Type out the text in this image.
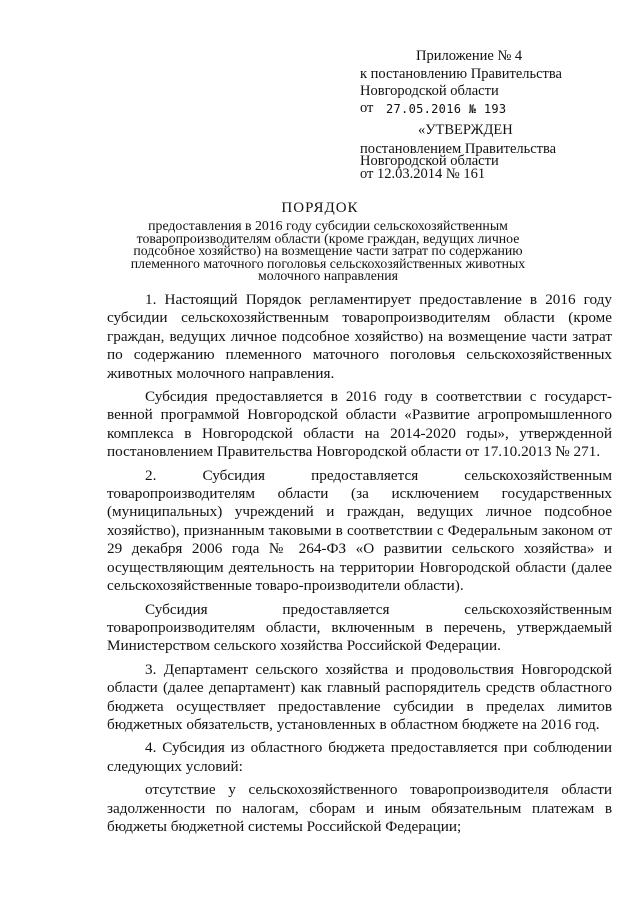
Приложение № 4
к постановлению Правительства
Новгородской области
от 27.05.2016 № 193
«УТВЕРЖДЕН
постановлением Правительства
Новгородской области
от 12.03.2014 № 161
ПОРЯДОК
предоставления в 2016 году субсидии сельскохозяйственным товаропроизводителям области (кроме граждан, ведущих личное подсобное хозяйство) на возмещение части затрат по содержанию племенного маточного поголовья сельскохозяйственных животных молочного направления

1. Настоящий Порядок регламентирует предоставление в 2016 году субсидии сельскохозяйственным товаропроизводителям области (кроме граждан, ведущих личное подсобное хозяйство) на возмещение части затрат по содержанию племенного маточного поголовья сельскохозяйственных животных молочного направления.

Субсидия предоставляется в 2016 году в соответствии с государст-венной программой Новгородской области «Развитие агропромышленного комплекса в Новгородской области на 2014-2020 годы», утвержденной постановлением Правительства Новгородской области от 17.10.2013 № 271.

2. Субсидия предоставляется сельскохозяйственным товаропроизводителям области (за исключением государственных (муниципальных) учреждений и граждан, ведущих личное подсобное хозяйство), признанным таковыми в соответствии с Федеральным законом от 29 декабря 2006 года № 264-ФЗ «О развитии сельского хозяйства» и осуществляющим деятельность на территории Новгородской области (далее сельскохозяйственные товаро-производители области).

Субсидия предоставляется сельскохозяйственным товаропроизводителям области, включенным в перечень, утверждаемый Министерством сельского хозяйства Российской Федерации.

3. Департамент сельского хозяйства и продовольствия Новгородской области (далее департамент) как главный распорядитель средств областного бюджета осуществляет предоставление субсидии в пределах лимитов бюджетных обязательств, установленных в областном бюджете на 2016 год.

4. Субсидия из областного бюджета предоставляется при соблюдении следующих условий:

отсутствие у сельскохозяйственного товаропроизводителя области задолженности по налогам, сборам и иным обязательным платежам в бюджеты бюджетной системы Российской Федерации;
